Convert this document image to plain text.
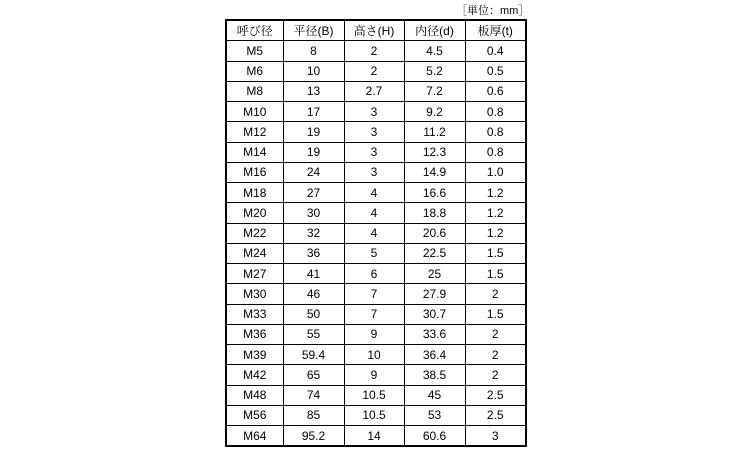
［単位：mm］
呼び径	平径(B)	高さ(H)	内径(d)	板厚(t)
M5	8	2	4.5	0.4
M6	10	2	5.2	0.5
M8	13	2.7	7.2	0.6
M10	17	3	9.2	0.8
M12	19	3	11.2	0.8
M14	19	3	12.3	0.8
M16	24	3	14.9	1.0
M18	27	4	16.6	1.2
M20	30	4	18.8	1.2
M22	32	4	20.6	1.2
M24	36	5	22.5	1.5
M27	41	6	25	1.5
M30	46	7	27.9	2
M33	50	7	30.7	1.5
M36	55	9	33.6	2
M39	59.4	10	36.4	2
M42	65	9	38.5	2
M48	74	10.5	45	2.5
M56	85	10.5	53	2.5
M64	95.2	14	60.6	3
